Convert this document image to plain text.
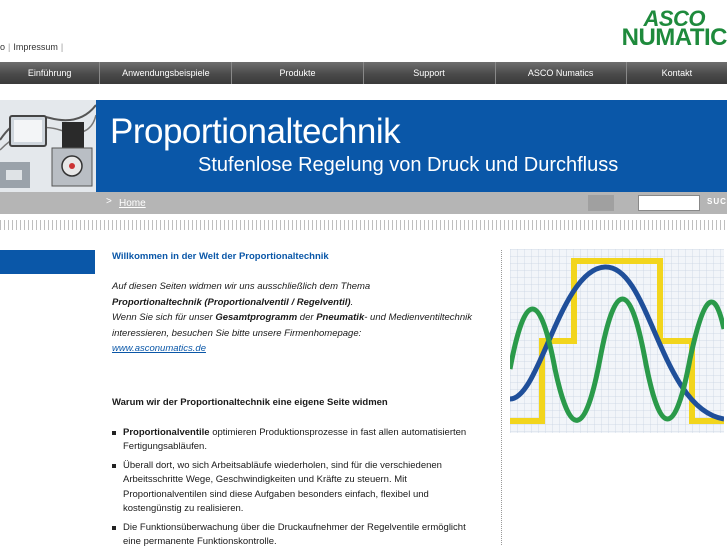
o | Impressum |
ASCO
NUMATIC
Einführung	Anwendungsbeispiele	Produkte	Support	ASCO Numatics	Kontakt
Proportionaltechnik
Stufenlose Regelung von Druck und Durchfluss
> Home	SUC
Willkommen in der Welt der Proportionaltechnik

Auf diesen Seiten widmen wir uns ausschließlich dem Thema
Proportionaltechnik (Proportionalventil / Regelventil).
Wenn Sie sich für unser Gesamtprogramm der Pneumatik- und Medienventiltechnik interessieren, besuchen Sie bitte unsere Firmenhomepage:
www.asconumatics.de

Warum wir der Proportionaltechnik eine eigene Seite widmen
Proportionalventile optimieren Produktionsprozesse in fast allen automatisierten Fertigungsabläufen.
Überall dort, wo sich Arbeitsabläufe wiederholen, sind für die verschiedenen Arbeitsschritte Wege, Geschwindigkeiten und Kräfte zu steuern. Mit Proportionalventilen sind diese Aufgaben besonders einfach, flexibel und kostengünstig zu realisieren.
Die Funktionsüberwachung über die Druckaufnehmer der Regelventile ermöglicht eine permanente Funktionskontrolle.
